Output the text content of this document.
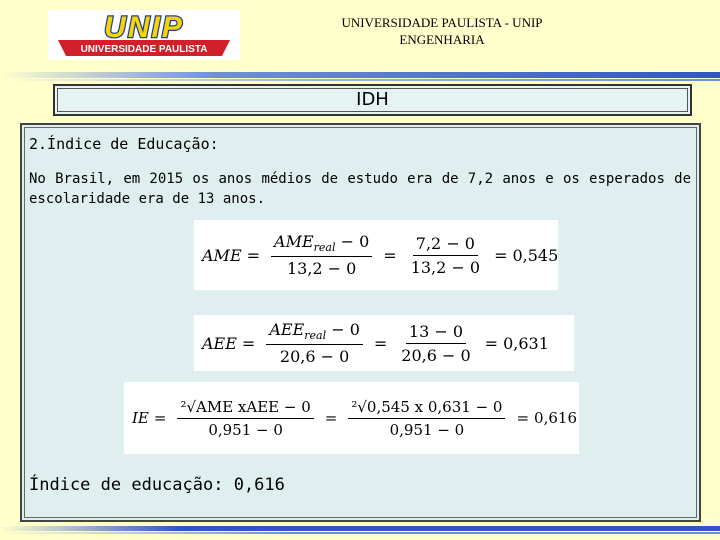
UNIVERSIDADE PAULISTA
UNIP	UNIVERSIDADE PAULISTA - UNIP
ENGENHARIA
IDH
2.Índice de Educação:
No Brasil, em 2015 os anos médios de estudo era de 7,2 anos e os esperados de escolaridade era de 13 anos.
AME = $\frac{AME_{real} - 0}{13,2 - 0} = \frac{7,2 - 0}{13,2 - 0} = 0,545$
AEE = $\frac{AEE_{real} - 0}{20,6 - 0} = \frac{13 - 0}{20,6 - 0} = 0,631$
IE = $\frac{\text{²√AME xAEE − 0}}{0,951 - 0} = \frac{\text{²√0,545 x 0,631 − 0}}{0,951 - 0} = 0,616$
Índice de educação: 0,616
